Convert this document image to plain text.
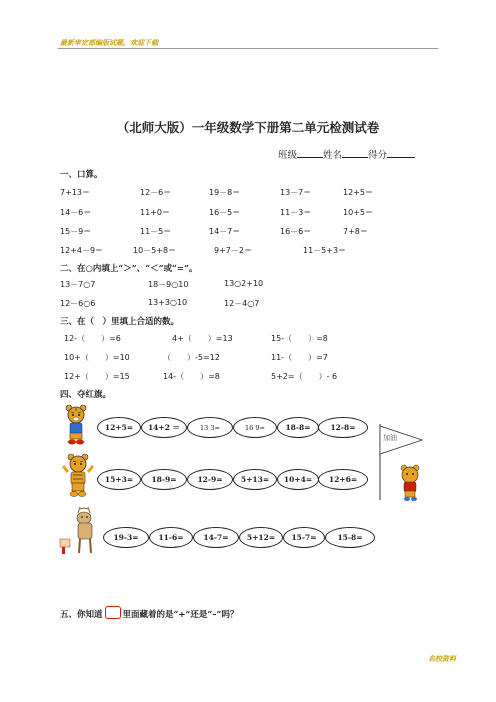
最新审定部编版试题，欢迎下载
（北师大版）一年级数学下册第二单元检测试卷
班级	姓名	得分
一、口算。
7+13＝	12－6＝	19－8＝	13－7＝	12+5＝
14－6＝	11+0＝	16－5＝	11－3＝	10+5＝
15－9＝	11－5＝	14－7＝	16－6＝	7+8＝
12+4－9＝	10－5+8＝	9+7－2＝	11－5+3＝
二、在○内填上“＞”、“＜”或“=”。
13－7○7	18－9○10	13○2+10
12－6○6	13+3○10	12－4○7
三、在（　）里填上合适的数。
12-（　　）=6	4+（　　）=13	15-（　　）=8
10+（　　）=10	（　　）-5=12	11-（　　）=7
12+（　　）=15	14-（　　）=8	5+2=（　　）- 6
四、夺红旗。
12+5=	14+2 ＝	13 3=	16 9=	18-8=	12-8=
加油
15+3=	18-9=	12-9=	5+13=	10+4=	12+6=
19-3=	11-6=	14-7=	5+12=	15-7=	15-8=
五、你知道 里面藏着的是“+”还是“–”吗？
名校资料
